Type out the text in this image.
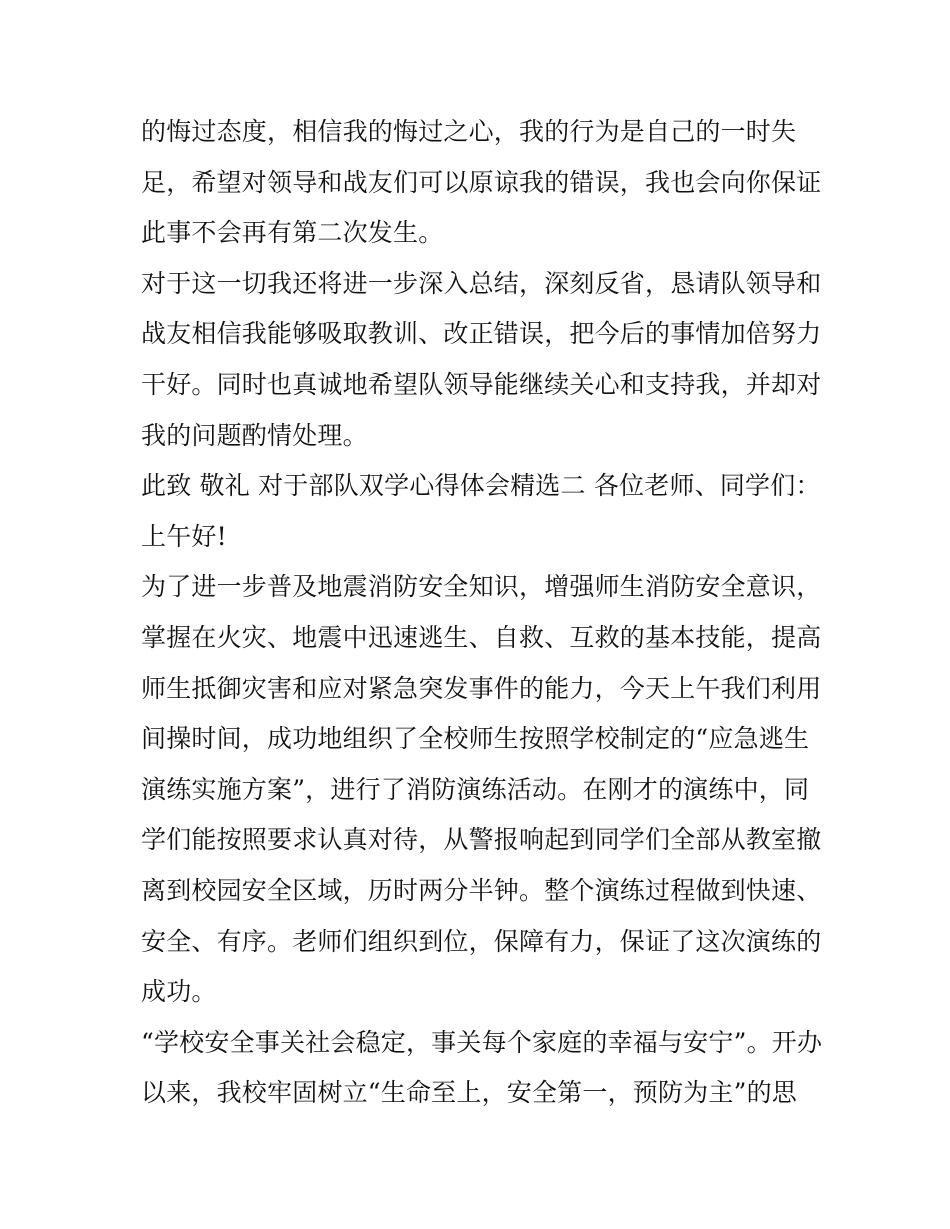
的悔过态度，相信我的悔过之心，我的行为是自己的一时失
足，希望对领导和战友们可以原谅我的错误，我也会向你保证
此事不会再有第二次发生。
对于这一切我还将进一步深入总结，深刻反省，恳请队领导和
战友相信我能够吸取教训、改正错误，把今后的事情加倍努力
干好。同时也真诚地希望队领导能继续关心和支持我，并却对
我的问题酌情处理。
此致 敬礼 对于部队双学心得体会精选二 各位老师、同学们：
上午好!
为了进一步普及地震消防安全知识，增强师生消防安全意识，
掌握在火灾、地震中迅速逃生、自救、互救的基本技能，提高
师生抵御灾害和应对紧急突发事件的能力，今天上午我们利用
间操时间，成功地组织了全校师生按照学校制定的“应急逃生
演练实施方案”，进行了消防演练活动。在刚才的演练中，同
学们能按照要求认真对待，从警报响起到同学们全部从教室撤
离到校园安全区域，历时两分半钟。整个演练过程做到快速、
安全、有序。老师们组织到位，保障有力，保证了这次演练的
成功。
“学校安全事关社会稳定，事关每个家庭的幸福与安宁”。开办
以来，我校牢固树立“生命至上，安全第一，预防为主”的思
